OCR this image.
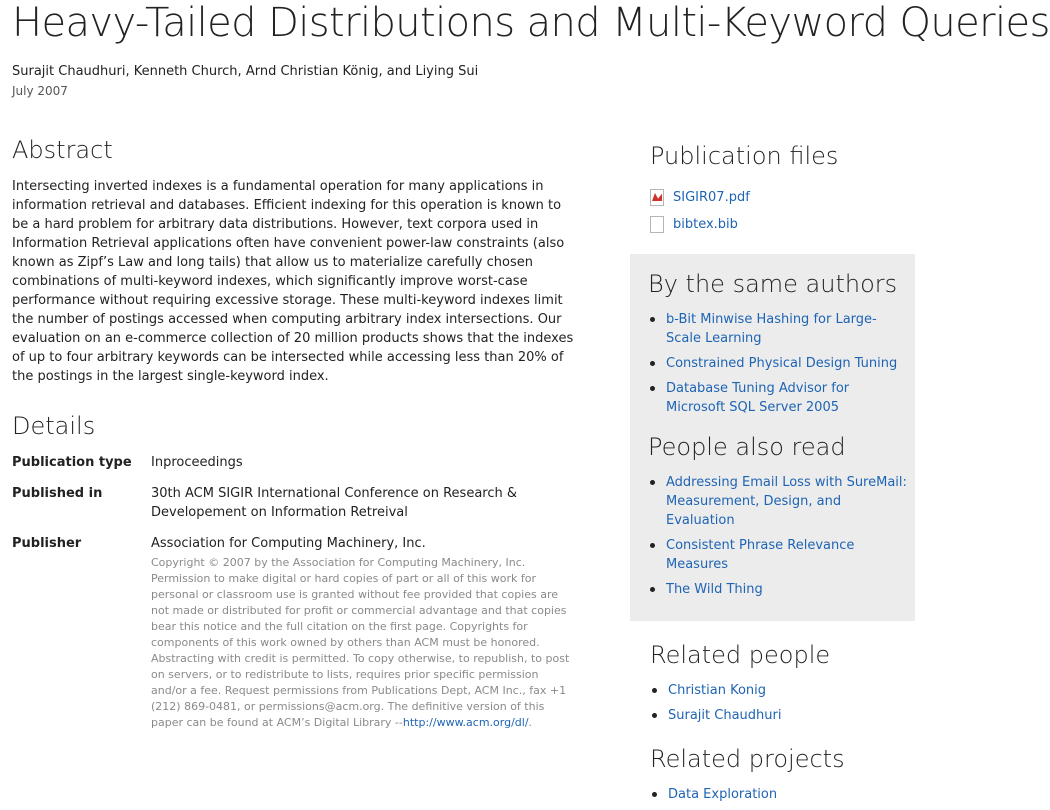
Heavy-Tailed Distributions and Multi-Keyword Queries
Surajit Chaudhuri, Kenneth Church, Arnd Christian König, and Liying Sui
July 2007
Abstract

Intersecting inverted indexes is a fundamental operation for many applications in information retrieval and databases. Efficient indexing for this operation is known to be a hard problem for arbitrary data distributions. However, text corpora used in Information Retrieval applications often have convenient power-law constraints (also known as Zipf’s Law and long tails) that allow us to materialize carefully chosen combinations of multi-keyword indexes, which significantly improve worst-case performance without requiring excessive storage. These multi-keyword indexes limit the number of postings accessed when computing arbitrary index intersections. Our evaluation on an e-commerce collection of 20 million products shows that the indexes of up to four arbitrary keywords can be intersected while accessing less than 20% of the postings in the largest single-keyword index.

Details
Publication type	Inproceedings
Published in	30th ACM SIGIR International Conference on Research & Developement on Information Retreival
Publisher	Association for Computing Machinery, Inc.
Copyright © 2007 by the Association for Computing Machinery, Inc. Permission to make digital or hard copies of part or all of this work for personal or classroom use is granted without fee provided that copies are not made or distributed for profit or commercial advantage and that copies bear this notice and the full citation on the first page. Copyrights for components of this work owned by others than ACM must be honored. Abstracting with credit is permitted. To copy otherwise, to republish, to post on servers, or to redistribute to lists, requires prior specific permission and/or a fee. Request permissions from Publications Dept, ACM Inc., fax +1 (212) 869-0481, or permissions@acm.org. The definitive version of this paper can be found at ACM’s Digital Library --http://www.acm.org/dl/.
Publication files
SIGIR07.pdf
bibtex.bib
By the same authors
b-Bit Minwise Hashing for Large-Scale Learning
Constrained Physical Design Tuning
Database Tuning Advisor for Microsoft SQL Server 2005
People also read
Addressing Email Loss with SureMail: Measurement, Design, and Evaluation
Consistent Phrase Relevance Measures
The Wild Thing
Related people
Christian Konig
Surajit Chaudhuri
Related projects
Data Exploration
